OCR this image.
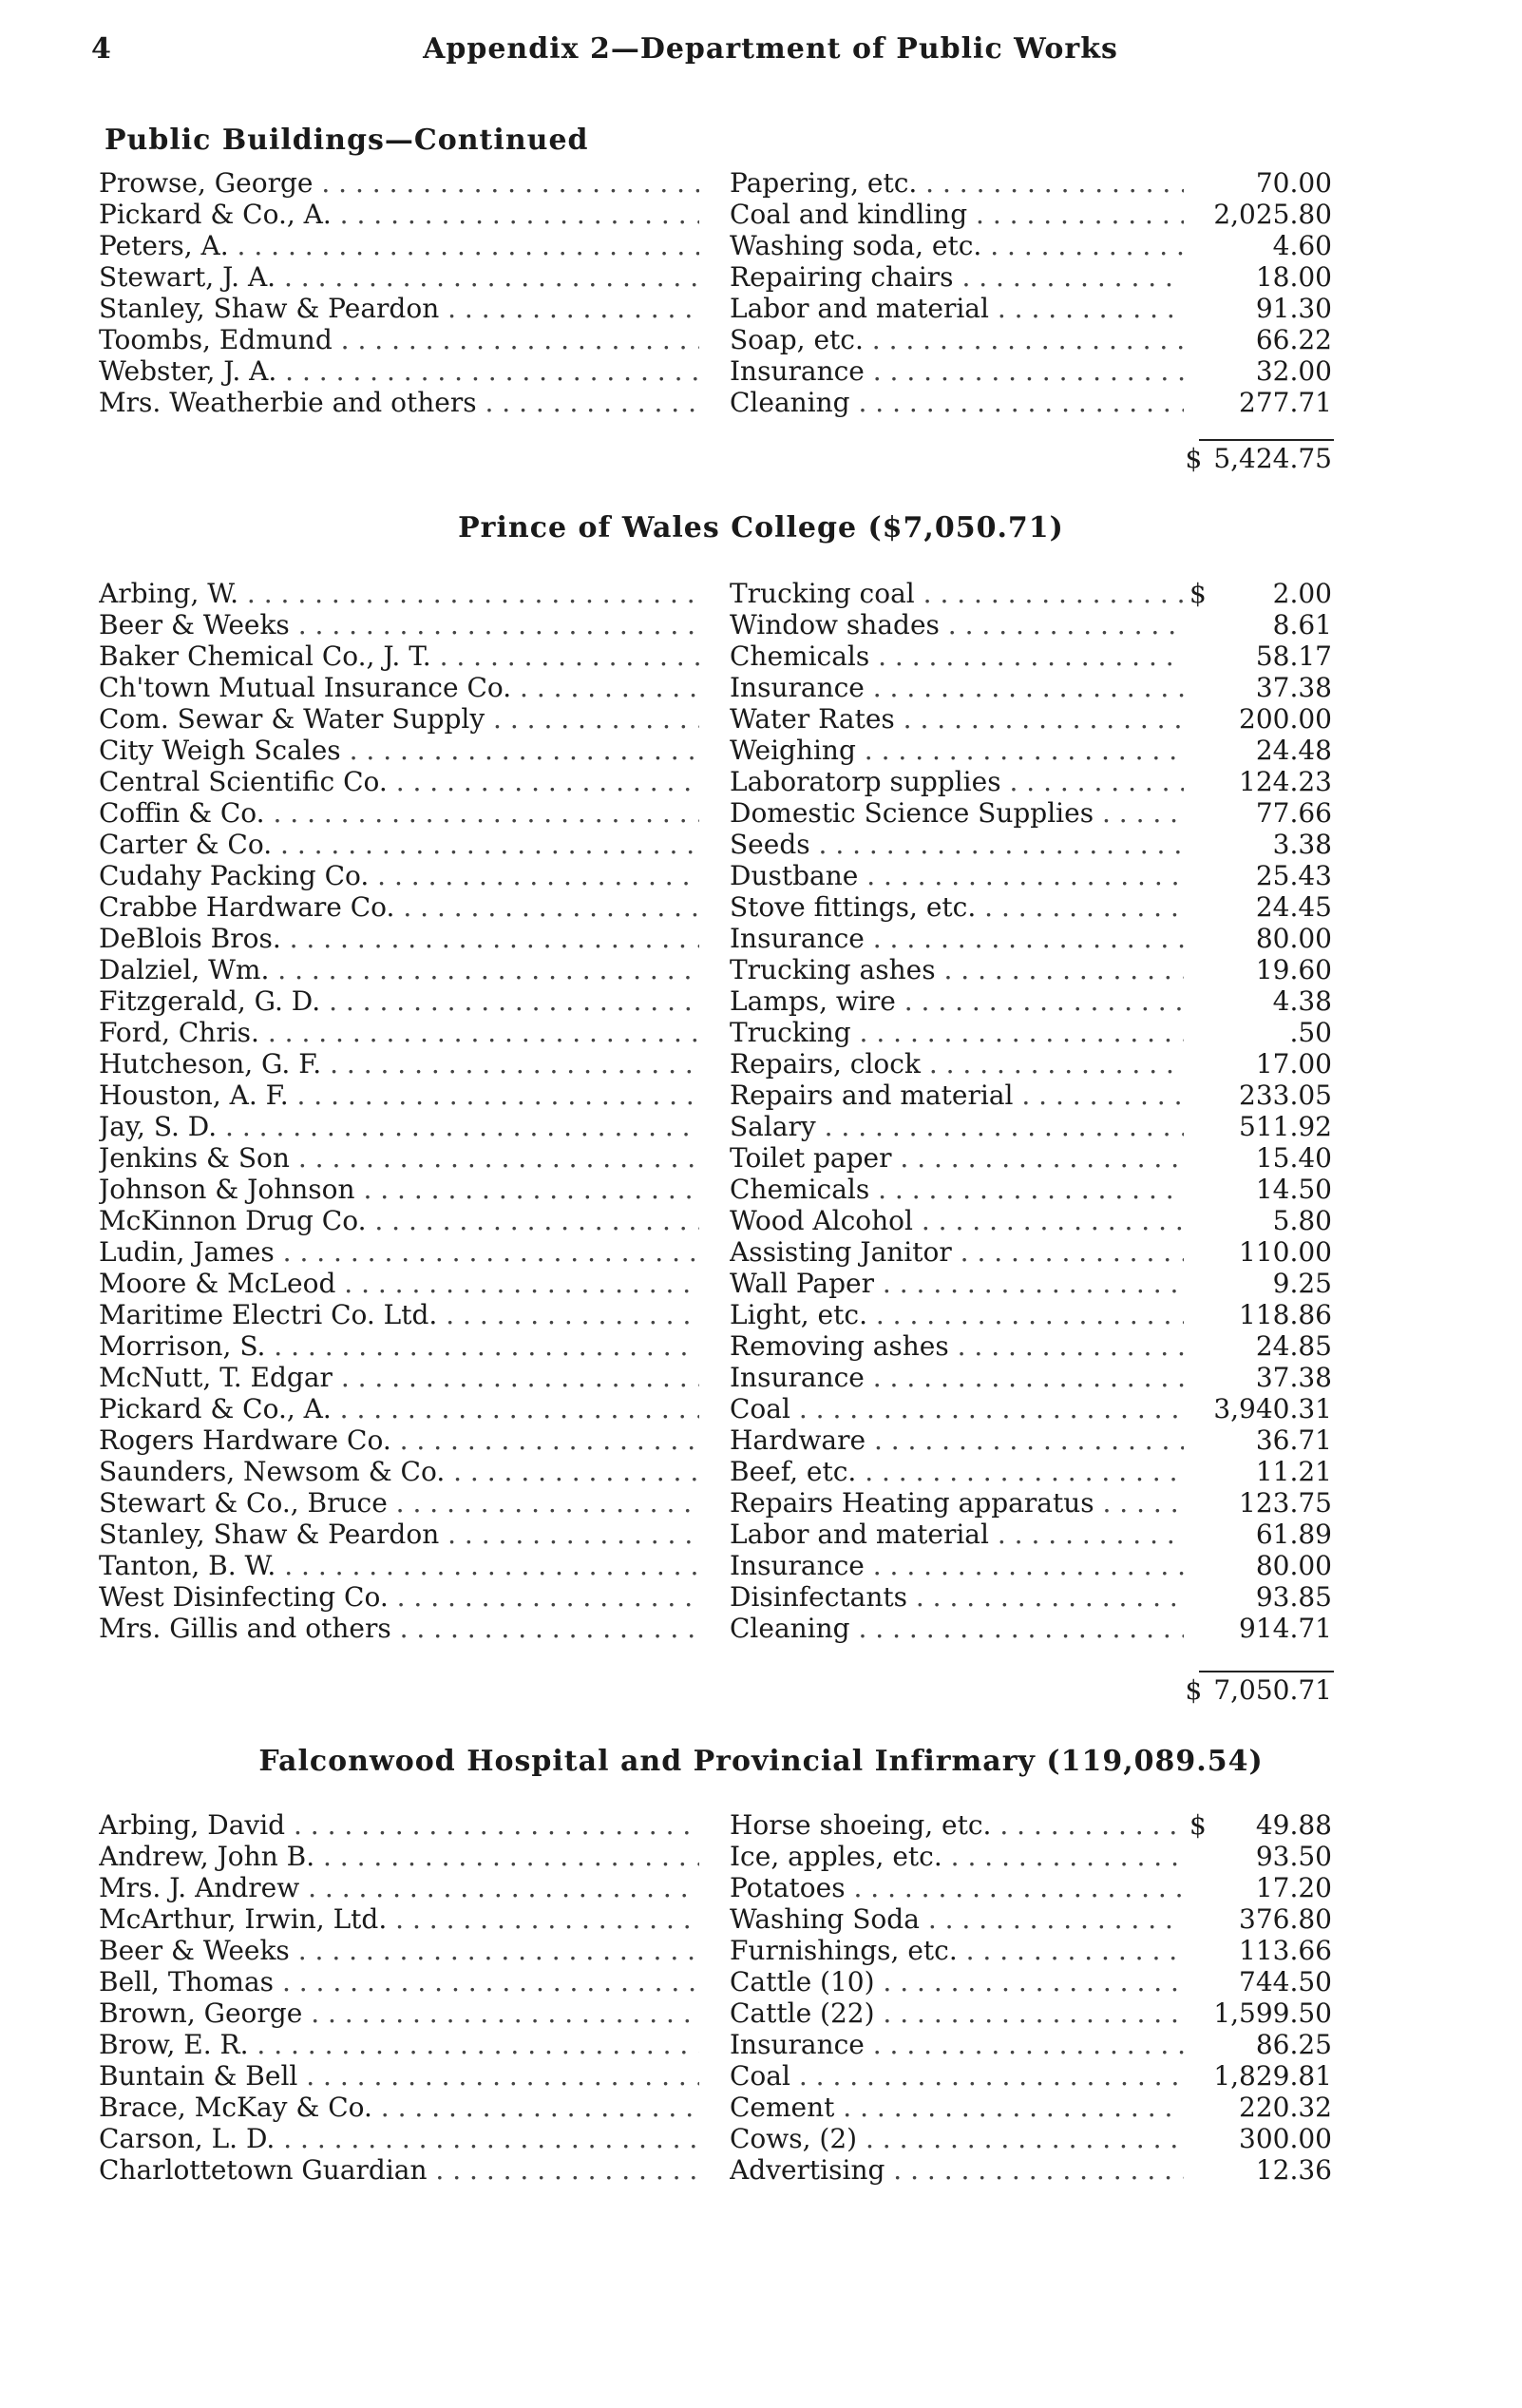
4	Appendix 2—Department of Public Works
Public Buildings—Continued
Prowse, George . . .	Papering, etc. . . .	70.00
Pickard & Co., A. . . .	Coal and kindling . . .	2,025.80
Peters, A. . . .	Washing soda, etc. . . .	4.60
Stewart, J. A. . . .	Repairing chairs . . .	18.00
Stanley, Shaw & Peardon . . .	Labor and material . . .	91.30
Toombs, Edmund . . .	Soap, etc. . . .	66.22
Webster, J. A. . . .	Insurance . . .	32.00
Mrs. Weatherbie and others . . .	Cleaning . . .	277.71
$ 5,424.75
Prince of Wales College ($7,050.71)
Arbing, W. . . .	Trucking coal . . .	$	2.00
Beer & Weeks . . .	Window shades . . .	8.61
Baker Chemical Co., J. T. . . .	Chemicals . . .	58.17
Ch'town Mutual Insurance Co. . . .	Insurance . . .	37.38
Com. Sewar & Water Supply . . .	Water Rates . . .	200.00
City Weigh Scales . . .	Weighing . . .	24.48
Central Scientific Co. . . .	Laboratorp supplies . . .	124.23
Coffin & Co. . . .	Domestic Science Supplies . . .	77.66
Carter & Co. . . .	Seeds . . .	3.38
Cudahy Packing Co. . . .	Dustbane . . .	25.43
Crabbe Hardware Co. . . .	Stove fittings, etc. . . .	24.45
DeBlois Bros. . . .	Insurance . . .	80.00
Dalziel, Wm. . . .	Trucking ashes . . .	19.60
Fitzgerald, G. D. . . .	Lamps, wire . . .	4.38
Ford, Chris. . . .	Trucking . . .	.50
Hutcheson, G. F. . . .	Repairs, clock . . .	17.00
Houston, A. F. . . .	Repairs and material . . .	233.05
Jay, S. D. . . .	Salary . . .	511.92
Jenkins & Son . . .	Toilet paper . . .	15.40
Johnson & Johnson . . .	Chemicals . . .	14.50
McKinnon Drug Co. . . .	Wood Alcohol . . .	5.80
Ludin, James . . .	Assisting Janitor . . .	110.00
Moore & McLeod . . .	Wall Paper . . .	9.25
Maritime Electri Co. Ltd. . . .	Light, etc. . . .	118.86
Morrison, S. . . .	Removing ashes . . .	24.85
McNutt, T. Edgar . . .	Insurance . . .	37.38
Pickard & Co., A. . . .	Coal . . .	3,940.31
Rogers Hardware Co. . . .	Hardware . . .	36.71
Saunders, Newsom & Co. . . .	Beef, etc. . . .	11.21
Stewart & Co., Bruce . . .	Repairs Heating apparatus . . .	123.75
Stanley, Shaw & Peardon . . .	Labor and material . . .	61.89
Tanton, B. W. . . .	Insurance . . .	80.00
West Disinfecting Co. . . .	Disinfectants . . .	93.85
Mrs. Gillis and others . . .	Cleaning . . .	914.71
$ 7,050.71
Falconwood Hospital and Provincial Infirmary (119,089.54)
Arbing, David . . .	Horse shoeing, etc. . . .	$	49.88
Andrew, John B. . . .	Ice, apples, etc. . . .	93.50
Mrs. J. Andrew . . .	Potatoes . . .	17.20
McArthur, Irwin, Ltd. . . .	Washing Soda . . .	376.80
Beer & Weeks . . .	Furnishings, etc. . . .	113.66
Bell, Thomas . . .	Cattle (10) . . .	744.50
Brown, George . . .	Cattle (22) . . .	1,599.50
Brow, E. R. . . .	Insurance . . .	86.25
Buntain & Bell . . .	Coal . . .	1,829.81
Brace, McKay & Co. . . .	Cement . . .	220.32
Carson, L. D. . . .	Cows, (2) . . .	300.00
Charlottetown Guardian . . .	Advertising . . .	12.36
